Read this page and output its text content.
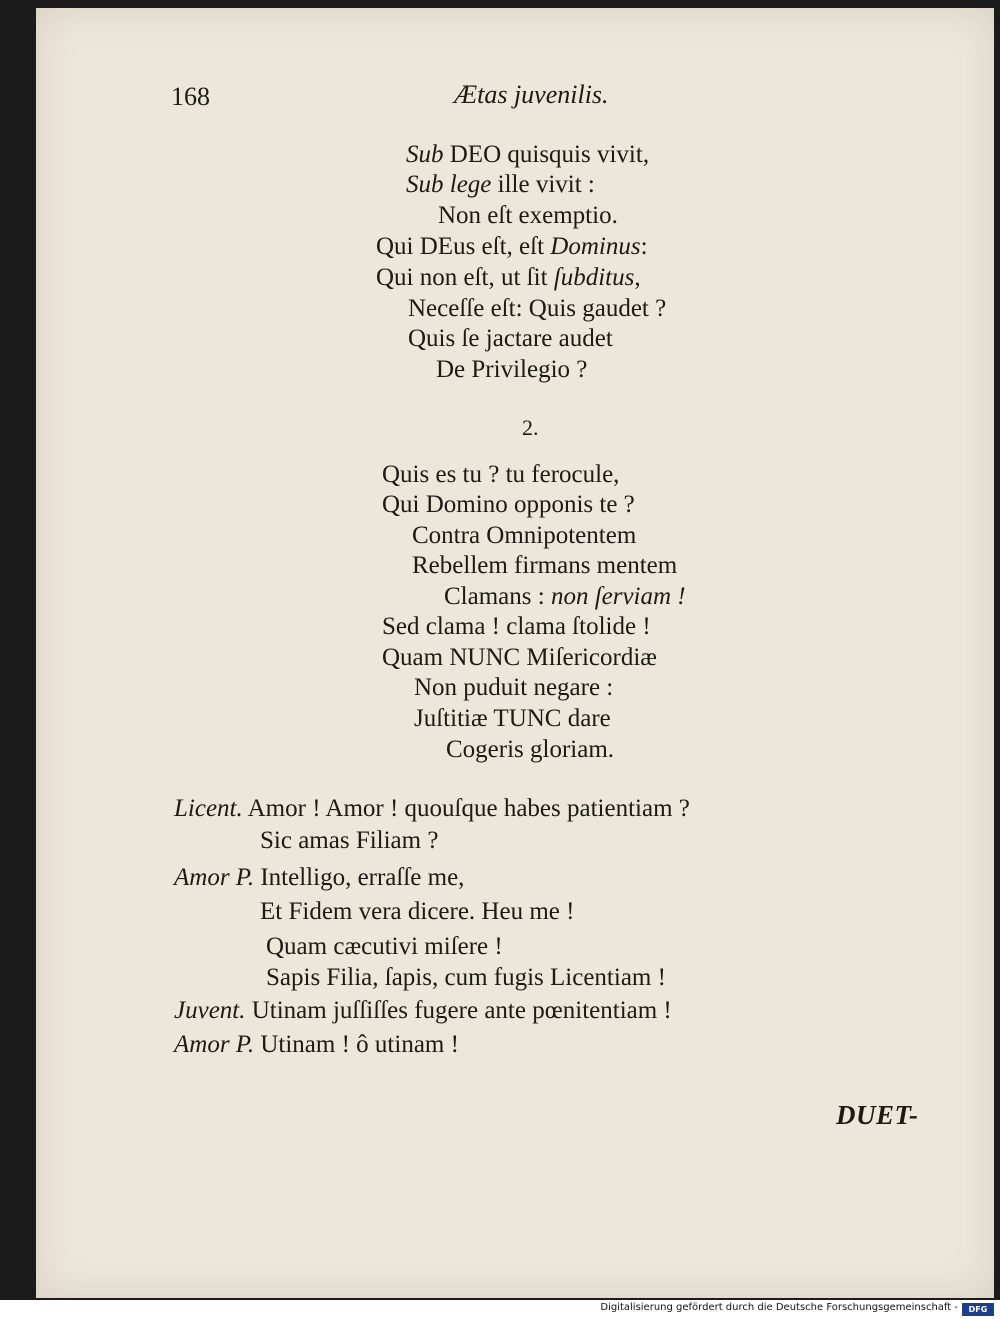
168	Ætas juvenilis.
Sub DEO quisquis vivit,
Sub lege ille vivit :
Non eſt exemptio.
Qui DEus eſt, eſt Dominus:
Qui non eſt, ut ſit ſubditus,
Neceſſe eſt: Quis gaudet ?
Quis ſe jactare audet
De Privilegio ?
2.
Quis es tu ? tu ferocule,
Qui Domino opponis te ?
Contra Omnipotentem
Rebellem firmans mentem
Clamans : non ſerviam !
Sed clama ! clama ſtolide !
Quam NUNC Miſericordiæ
Non puduit negare :
Juſtitiæ TUNC dare
Cogeris gloriam.
Licent. Amor ! Amor ! quouſque habes patientiam ?
Sic amas Filiam ?
Amor P. Intelligo, erraſſe me,
Et Fidem vera dicere. Heu me !
Quam cæcutivi miſere !
Sapis Filia, ſapis, cum fugis Licentiam !
Juvent. Utinam juſſiſſes fugere ante pœnitentiam !
Amor P. Utinam ! ô utinam !
DUET-
Digitalisierung gefördert durch die Deutsche Forschungsgemeinschaft -	DFG
